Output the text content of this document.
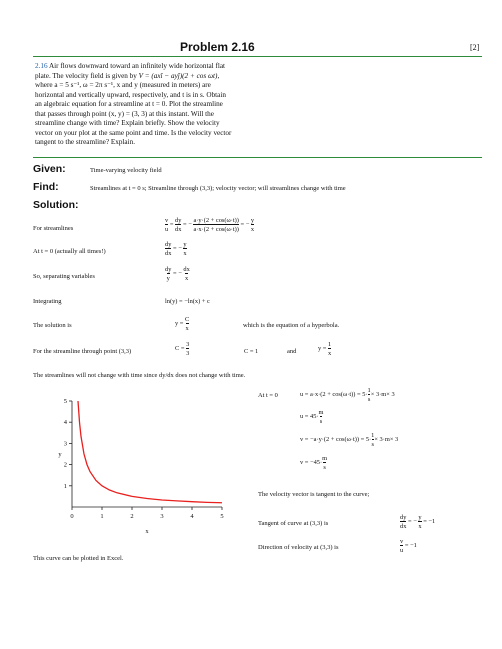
Problem 2.16	[2]
2.16 Air flows downward toward an infinitely wide horizontal flat
plate. The velocity field is given by V = (axî − ayĵ)(2 + cos ωt),
where a = 5 s⁻¹, ω = 2π s⁻¹, x and y (measured in meters) are
horizontal and vertically upward, respectively, and t is in s. Obtain
an algebraic equation for a streamline at t = 0. Plot the streamline
that passes through point (x, y) = (3, 3) at this instant. Will the
streamline change with time? Explain briefly. Show the velocity
vector on your plot at the same point and time. Is the velocity vector
tangent to the streamline? Explain.
Given:	Time-varying velocity field
Find:	Streamlines at t = 0 s; Streamline through (3,3); velocity vector; will streamlines change with time
Solution:
For streamlines	$\frac{v}{u} = \frac{dy}{dx}$ = − $\frac{a\cdot y\cdot(2 + \cos(\omega\cdot t))}{a\cdot x\cdot(2 + \cos(\omega\cdot t))}$ = − $\frac{y}{x}$
At t = 0 (actually all times!)	$\frac{dy}{dx}$ = − $\frac{y}{x}$
So, separating variables	$\frac{dy}{y}$ = − $\frac{dx}{x}$
Integrating	ln(y) = −ln(x) + c
The solution is	$y = \frac{C}{x}$	which is the equation of a hyperbola.
For the streamline through point (3,3)	$C = \frac{3}{3}$	C = 1	and	$y = \frac{1}{x}$
The streamlines will not change with time since dy/dx does not change with time.
0	1	2	3	4	5
1
2
3
4
5
y
x
This curve can be plotted in Excel.
At t = 0	$u = a\cdot x\cdot(2 + \cos(\omega\cdot t)) = 5\cdot \frac{1}{s} \times 3\cdot m\times 3$
$u = 45\cdot \frac{m}{s}$
$v = -a\cdot y\cdot(2 + \cos(\omega\cdot t)) = 5\cdot \frac{1}{s} \times 3\cdot m\times 3$
$v = -45\cdot \frac{m}{s}$
The velocity vector is tangent to the curve;
Tangent of curve at (3,3) is	$\frac{dy}{dx}$ = − $\frac{y}{x} = -1$
Direction of velocity at (3,3) is	$\frac{v}{u} = -1$
